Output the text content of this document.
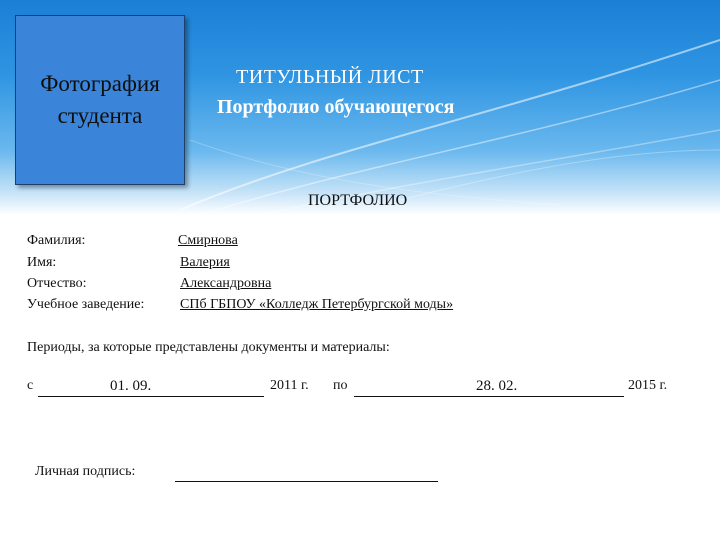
Фотография
студента
ТИТУЛЬНЫЙ ЛИСТ
Портфолио обучающегося
ПОРТФОЛИО
Фамилия:	Смирнова
Имя:	Валерия
Отчество:	Александровна
Учебное заведение:	СПб ГБПОУ «Колледж Петербургской моды»
Периоды, за которые представлены документы и материалы:
с	01. 09.	2011 г. по	28. 02.	2015 г.
Личная подпись:
